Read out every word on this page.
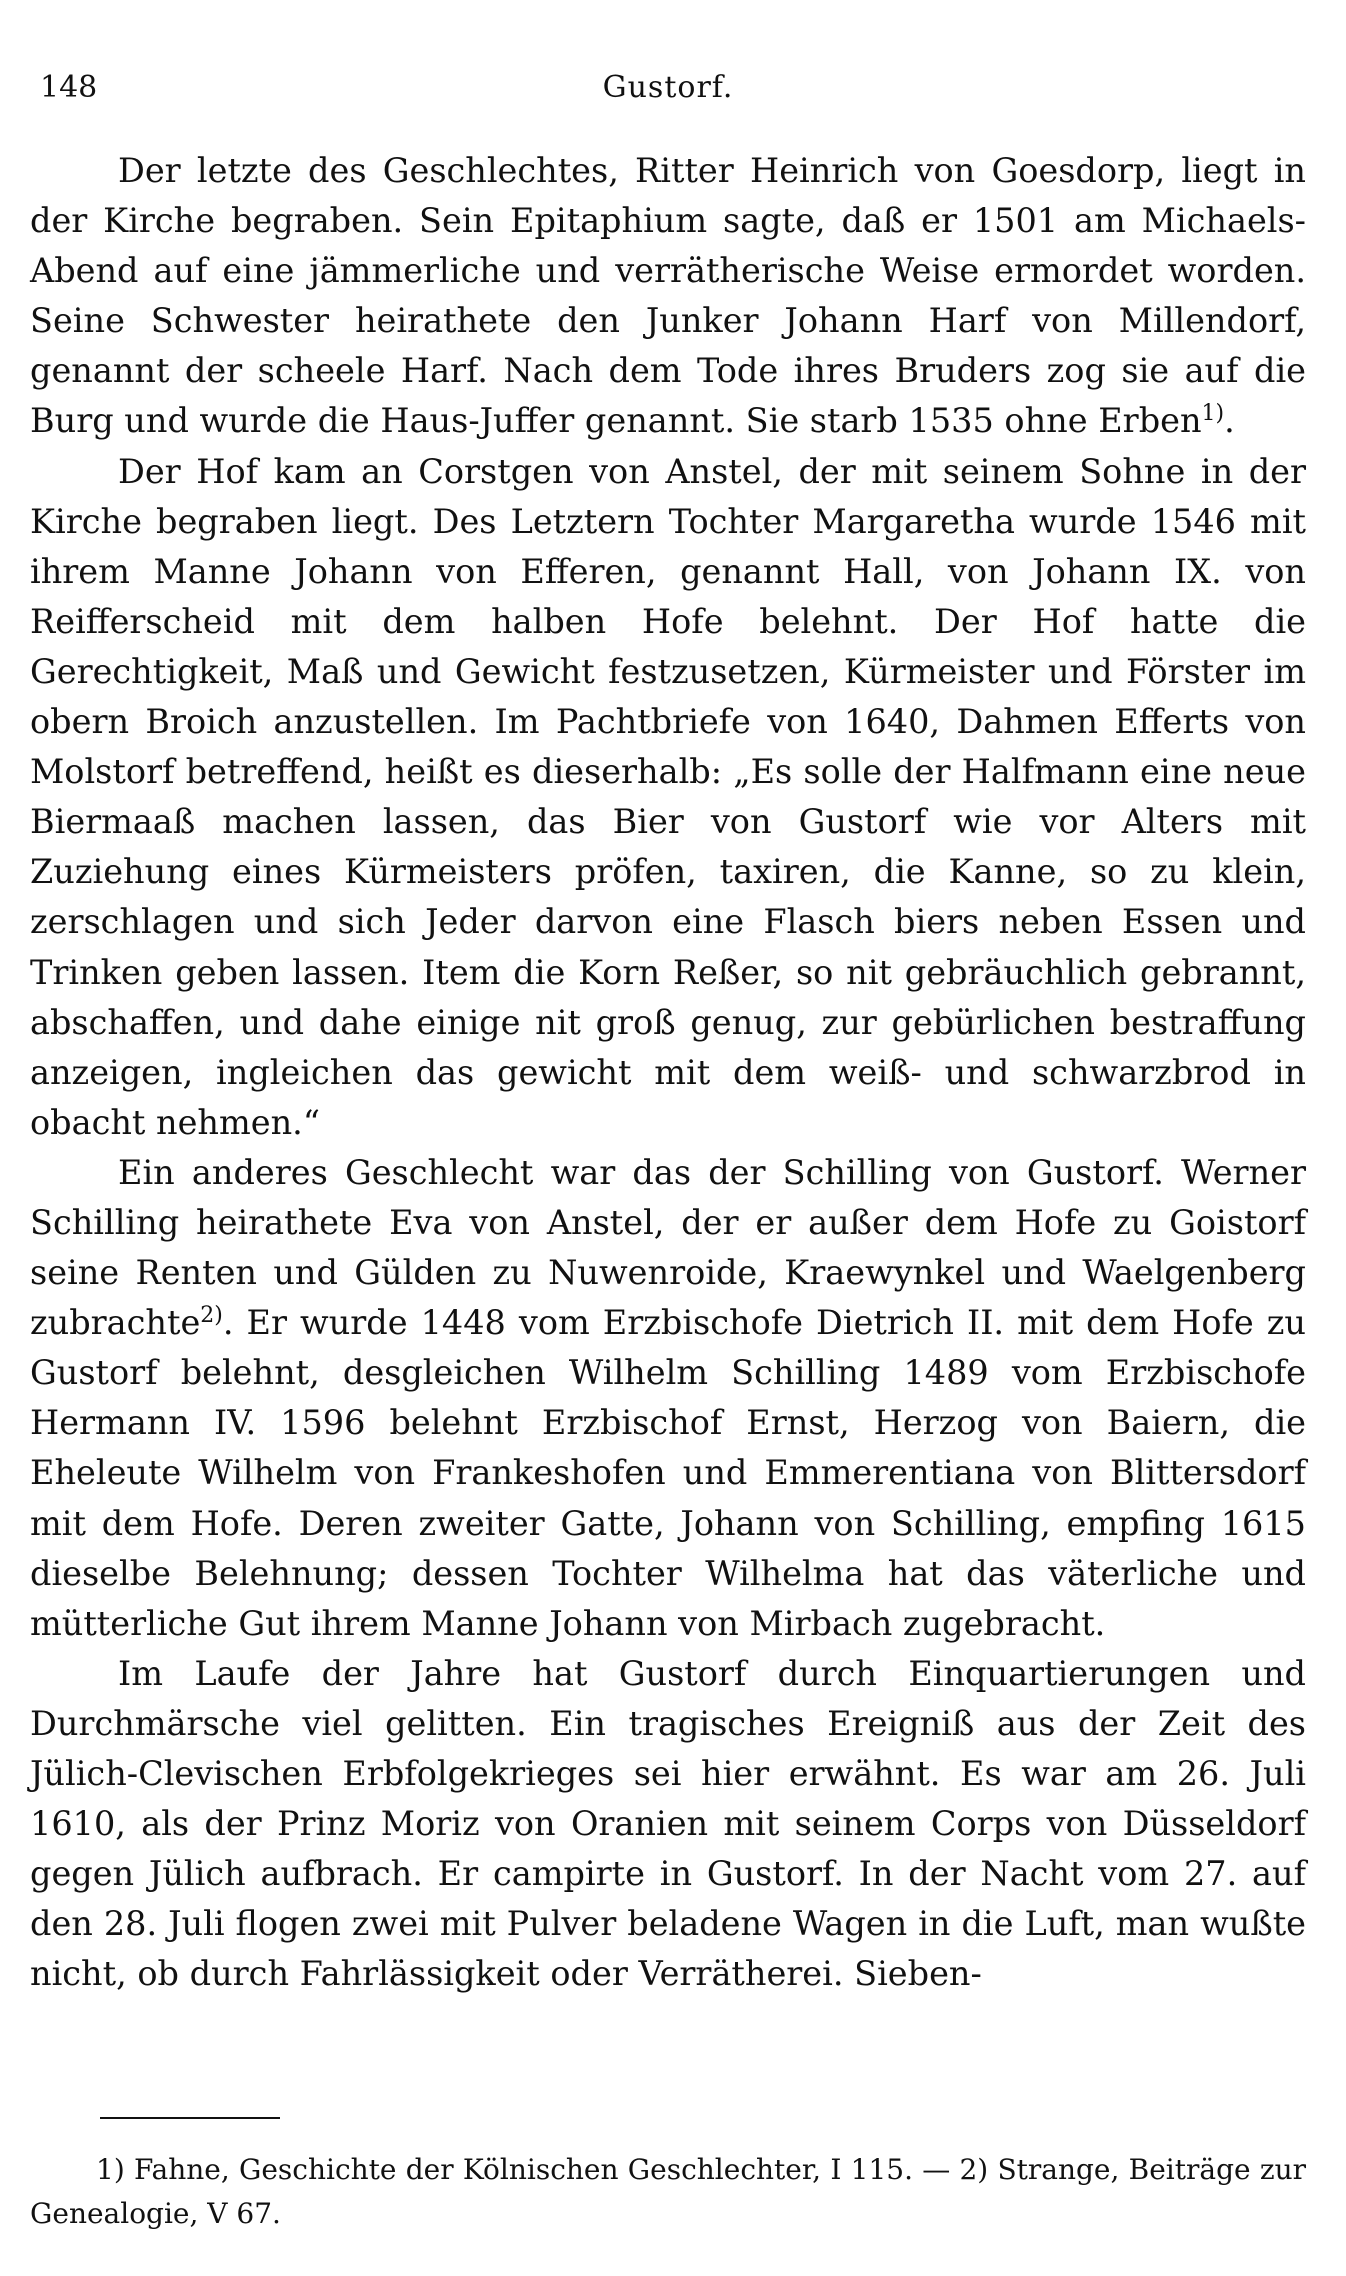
148	Gustorf.

Der letzte des Geschlechtes, Ritter Heinrich von Goesdorp, liegt in der Kirche begraben. Sein Epitaphium sagte, daß er 1501 am Michaels-Abend auf eine jämmerliche und verrätherische Weise ermordet worden. Seine Schwester heirathete den Junker Johann Harf von Millendorf, genannt der scheele Harf. Nach dem Tode ihres Bruders zog sie auf die Burg und wurde die Haus-Juffer genannt. Sie starb 1535 ohne Erben$^{1)}$.

Der Hof kam an Corstgen von Anstel, der mit seinem Sohne in der Kirche begraben liegt. Des Letztern Tochter Margaretha wurde 1546 mit ihrem Manne Johann von Efferen, genannt Hall, von Johann IX. von Reifferscheid mit dem halben Hofe belehnt. Der Hof hatte die Gerechtigkeit, Maß und Gewicht festzusetzen, Kürmeister und Förster im obern Broich anzustellen. Im Pachtbriefe von 1640, Dahmen Efferts von Molstorf betreffend, heißt es dieserhalb: „Es solle der Halfmann eine neue Biermaaß machen lassen, das Bier von Gustorf wie vor Alters mit Zuziehung eines Kürmeisters pröfen, taxiren, die Kanne, so zu klein, zerschlagen und sich Jeder darvon eine Flasch biers neben Essen und Trinken geben lassen. Item die Korn Reßer, so nit gebräuchlich gebrannt, abschaffen, und dahe einige nit groß genug, zur gebürlichen bestraffung anzeigen, ingleichen das gewicht mit dem weiß- und schwarzbrod in obacht nehmen.“

Ein anderes Geschlecht war das der Schilling von Gustorf. Werner Schilling heirathete Eva von Anstel, der er außer dem Hofe zu Goistorf seine Renten und Gülden zu Nuwenroide, Kraewynkel und Waelgenberg zubrachte$^{2)}$. Er wurde 1448 vom Erzbischofe Dietrich II. mit dem Hofe zu Gustorf belehnt, desgleichen Wilhelm Schilling 1489 vom Erzbischofe Hermann IV. 1596 belehnt Erzbischof Ernst, Herzog von Baiern, die Eheleute Wilhelm von Frankeshofen und Emmerentiana von Blittersdorf mit dem Hofe. Deren zweiter Gatte, Johann von Schilling, empfing 1615 dieselbe Belehnung; dessen Tochter Wilhelma hat das väterliche und mütterliche Gut ihrem Manne Johann von Mirbach zugebracht.

Im Laufe der Jahre hat Gustorf durch Einquartierungen und Durchmärsche viel gelitten. Ein tragisches Ereigniß aus der Zeit des Jülich-Clevischen Erbfolgekrieges sei hier erwähnt. Es war am 26. Juli 1610, als der Prinz Moriz von Oranien mit seinem Corps von Düsseldorf gegen Jülich aufbrach. Er campirte in Gustorf. In der Nacht vom 27. auf den 28. Juli flogen zwei mit Pulver beladene Wagen in die Luft, man wußte nicht, ob durch Fahrlässigkeit oder Verrätherei. Sieben-

1) Fahne, Geschichte der Kölnischen Geschlechter, I 115. — 2) Strange, Beiträge zur Genealogie, V 67.
